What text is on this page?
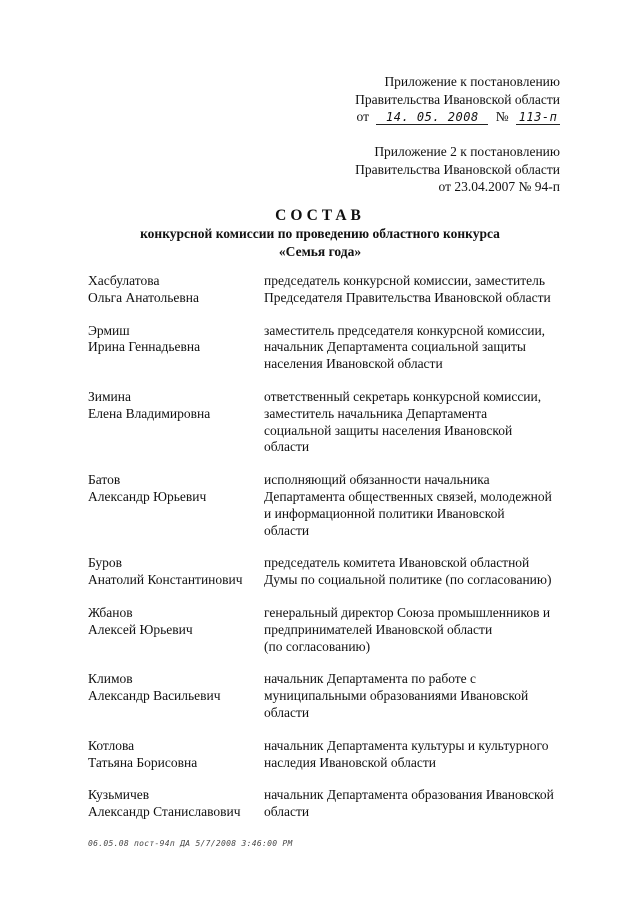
Приложение к постановлению
Правительства Ивановской области
от 14. 05. 2008 № 113-п
Приложение 2 к постановлению
Правительства Ивановской области
от 23.04.2007 № 94-п
СОСТАВ
конкурсной комиссии по проведению областного конкурса
«Семья года»
Хасбулатова
Ольга Анатольевна
председатель конкурсной комиссии, заместитель
Председателя Правительства Ивановской области
Эрмиш
Ирина Геннадьевна
заместитель председателя конкурсной комиссии,
начальник Департамента социальной защиты
населения Ивановской области
Зимина
Елена Владимировна
ответственный секретарь конкурсной комиссии,
заместитель начальника Департамента
социальной защиты населения Ивановской
области
Батов
Александр Юрьевич
исполняющий обязанности начальника
Департамента общественных связей, молодежной
и информационной политики Ивановской
области
Буров
Анатолий Константинович
председатель комитета Ивановской областной
Думы по социальной политике (по согласованию)
Жбанов
Алексей Юрьевич
генеральный директор Союза промышленников и
предпринимателей Ивановской области
(по согласованию)
Климов
Александр Васильевич
начальник Департамента по работе с
муниципальными образованиями Ивановской
области
Котлова
Татьяна Борисовна
начальник Департамента культуры и культурного
наследия Ивановской области
Кузьмичев
Александр Станиславович
начальник Департамента образования Ивановской
области
06.05.08 пост-94п ДА 5/7/2008 3:46:00 PM
